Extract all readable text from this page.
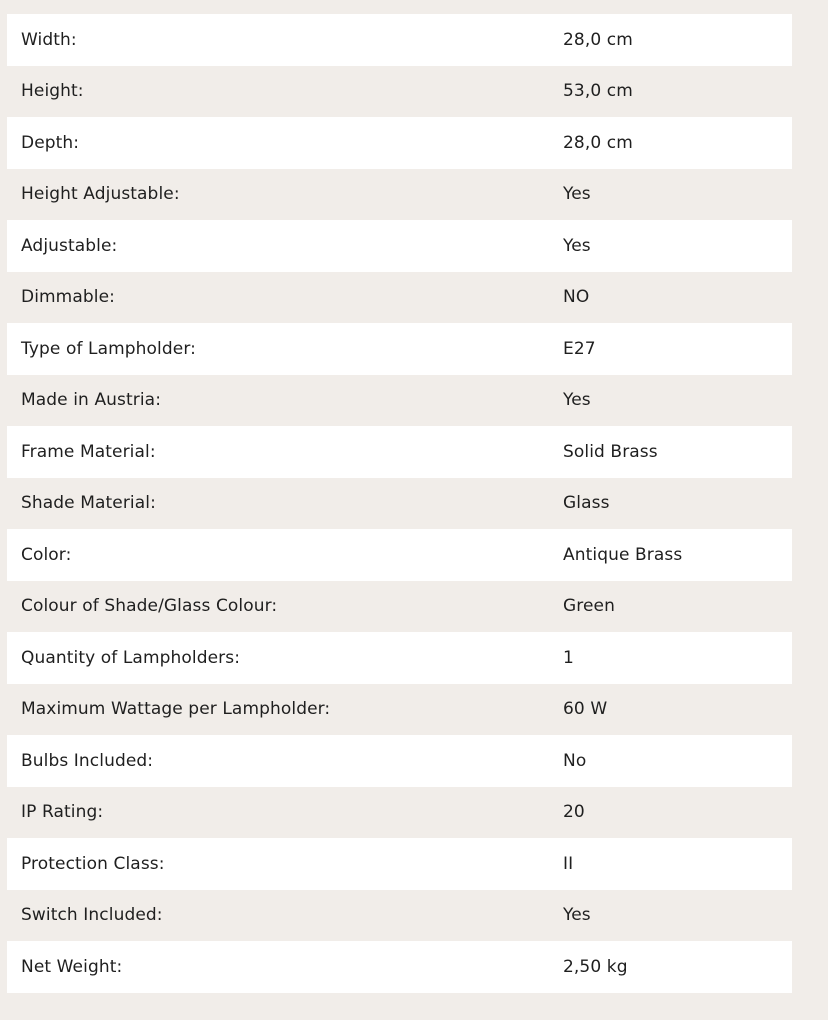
Width:	28,0 cm
Height:	53,0 cm
Depth:	28,0 cm
Height Adjustable:	Yes
Adjustable:	Yes
Dimmable:	NO
Type of Lampholder:	E27
Made in Austria:	Yes
Frame Material:	Solid Brass
Shade Material:	Glass
Color:	Antique Brass
Colour of Shade/Glass Colour:	Green
Quantity of Lampholders:	1
Maximum Wattage per Lampholder:	60 W
Bulbs Included:	No
IP Rating:	20
Protection Class:	II
Switch Included:	Yes
Net Weight:	2,50 kg
